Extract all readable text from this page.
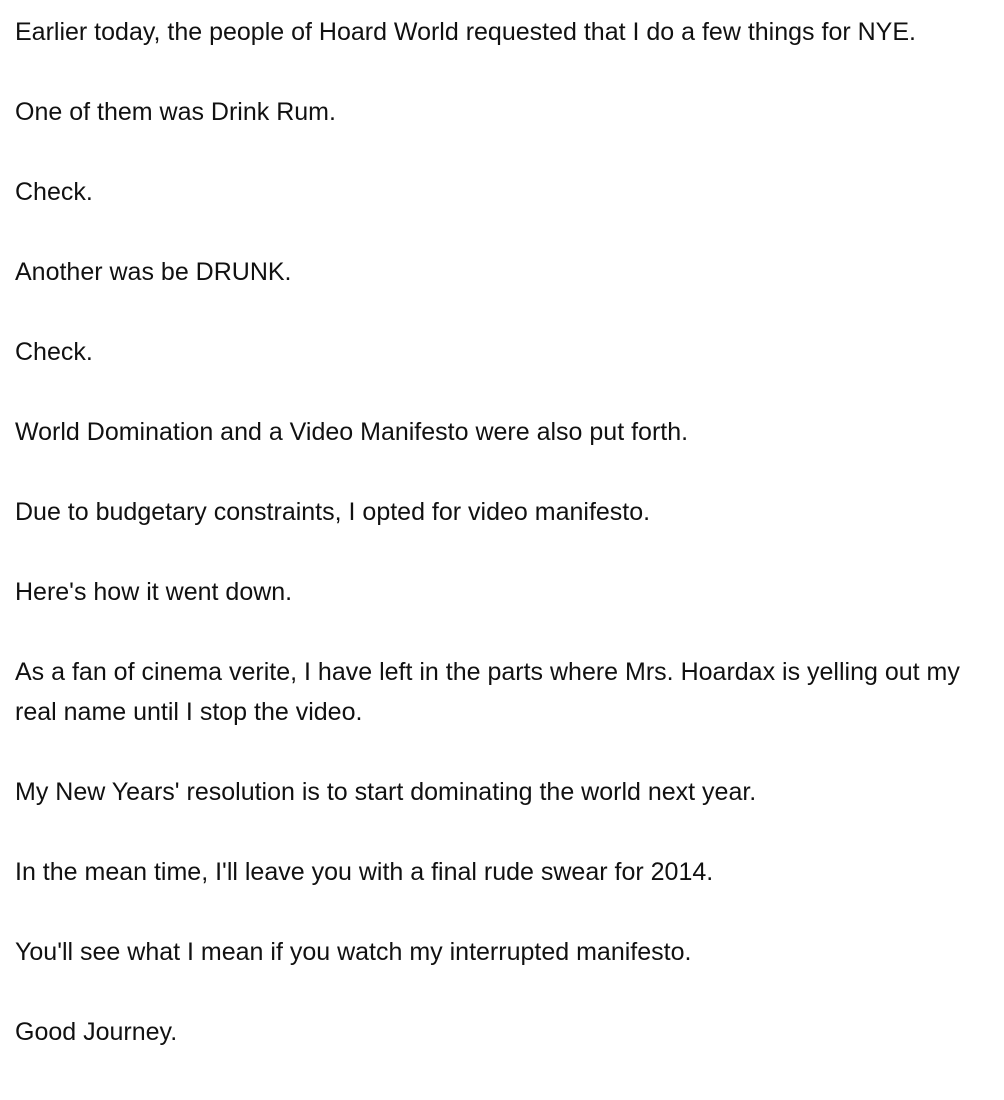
Earlier today, the people of Hoard World requested that I do a few things for NYE.

One of them was Drink Rum.

Check.

Another was be DRUNK.

Check.

World Domination and a Video Manifesto were also put forth.

Due to budgetary constraints, I opted for video manifesto.

Here's how it went down.

As a fan of cinema verite, I have left in the parts where Mrs. Hoardax is yelling out my real name until I stop the video.

My New Years' resolution is to start dominating the world next year.

In the mean time, I'll leave you with a final rude swear for 2014.

You'll see what I mean if you watch my interrupted manifesto.

Good Journey.
